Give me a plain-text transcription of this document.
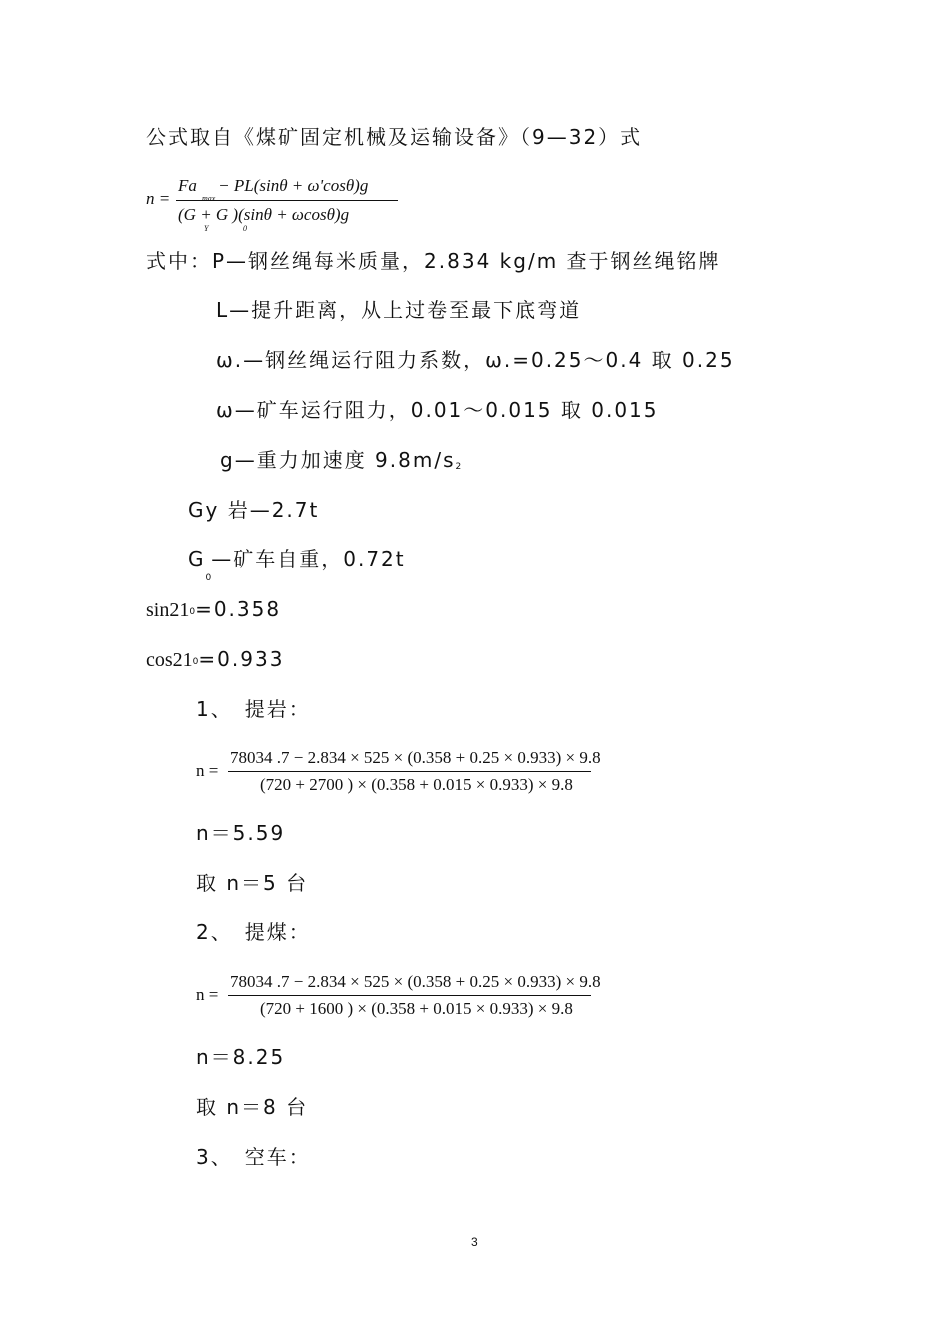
公式取自《煤矿固定机械及运输设备》（9—32）式
n =
Fa − PL(sinθ + ω'cosθ)g
max
(G + G )(sinθ + ωcosθ)g
Y	0
式中：P—钢丝绳每米质量，2.834 kg/m 查于钢丝绳铭牌
L—提升距离，从上过卷至最下底弯道
ω.—钢丝绳运行阻力系数，ω.=0.25～0.4 取 0.25
ω—矿车运行阻力，0.01～0.015 取 0.015
g—重力加速度 $9.8m/s_2$
Gy 岩—2.7t
$G_0—$矿车自重，0.72t
$\sin 21^0=0.358$
$\cos 21^0=0.933$
1、　提岩：
n =
78034 .7 − 2.834 × 525 × (0.358 + 0.25 × 0.933) × 9.8
(720 + 2700 ) × (0.358 + 0.015 × 0.933) × 9.8
n＝5.59
取 n＝5 台
2、　提煤：
n =
78034 .7 − 2.834 × 525 × (0.358 + 0.25 × 0.933) × 9.8
(720 + 1600 ) × (0.358 + 0.015 × 0.933) × 9.8
n＝8.25
取 n＝8 台
3、　空车：
3
